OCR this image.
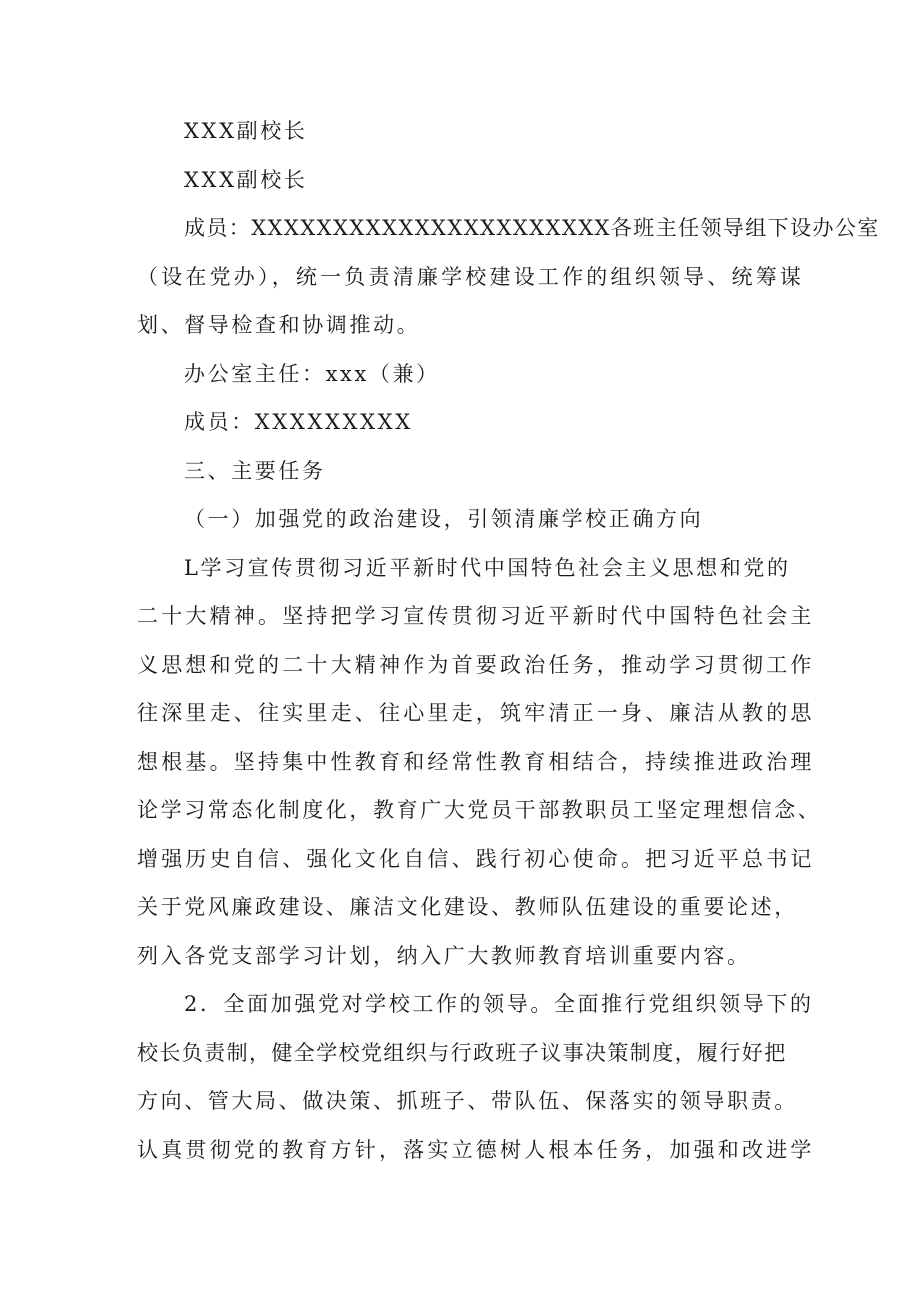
XXX副校长
XXX副校长
成员：XXXXXXXXXXXXXXXXXXXXXX各班主任领导组下设办公室
（设在党办），统一负责清廉学校建设工作的组织领导、统筹谋
划、督导检查和协调推动。
办公室主任：xxx（兼）
成员：XXXXXXXXX
三、主要任务
（一）加强党的政治建设，引领清廉学校正确方向
L学习宣传贯彻习近平新时代中国特色社会主义思想和党的
二十大精神。坚持把学习宣传贯彻习近平新时代中国特色社会主
义思想和党的二十大精神作为首要政治任务，推动学习贯彻工作
往深里走、往实里走、往心里走，筑牢清正一身、廉洁从教的思
想根基。坚持集中性教育和经常性教育相结合，持续推进政治理
论学习常态化制度化，教育广大党员干部教职员工坚定理想信念、
增强历史自信、强化文化自信、践行初心使命。把习近平总书记
关于党风廉政建设、廉洁文化建设、教师队伍建设的重要论述，
列入各党支部学习计划，纳入广大教师教育培训重要内容。
2．全面加强党对学校工作的领导。全面推行党组织领导下的
校长负责制，健全学校党组织与行政班子议事决策制度，履行好把
方向、管大局、做决策、抓班子、带队伍、保落实的领导职责。
认真贯彻党的教育方针，落实立德树人根本任务，加强和改进学
